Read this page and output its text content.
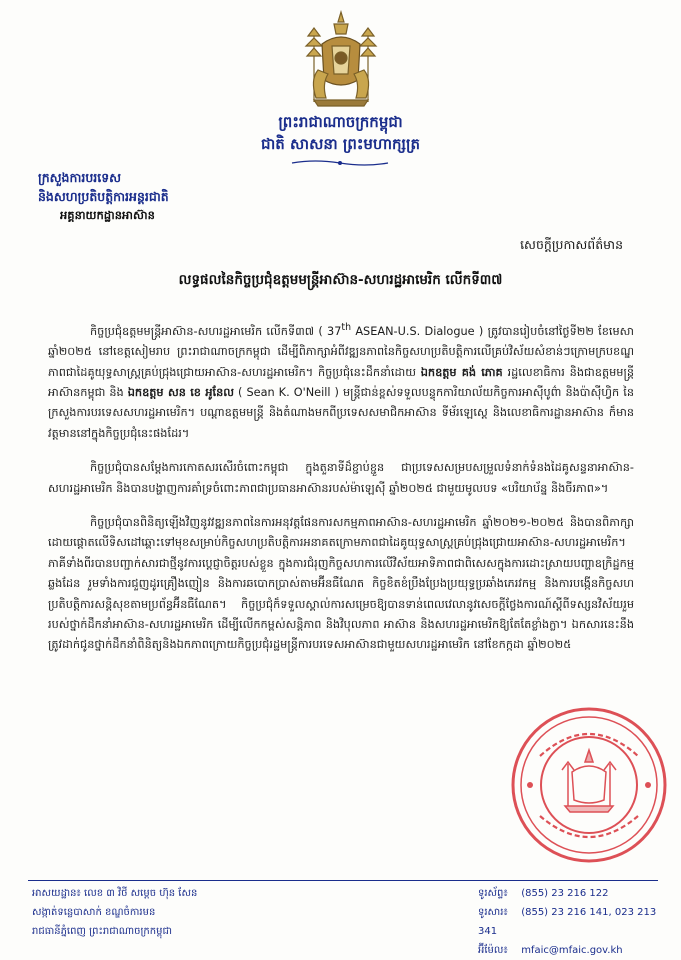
ព្រះរាជាណាចក្រកម្ពុជា
ជាតិ សាសនា ព្រះមហាក្សត្រ
ក្រសួងការបរទេស
និងសហប្រតិបត្តិការអន្តរជាតិ
អគ្គនាយកដ្ឋានអាស៊ាន
សេចក្ដីប្រកាសព័ត៌មាន
លទ្ធផលនៃកិច្ចប្រជុំឧត្តមមន្ត្រីអាស៊ាន-សហរដ្ឋអាមេរិក លើកទី៣៧

កិច្ចប្រជុំឧត្តមមន្ត្រីអាស៊ាន-សហរដ្ឋអាមេរិក លើកទី៣៧ ( 37th ASEAN-U.S. Dialogue ) ត្រូវបានរៀបចំនៅថ្ងៃទី២២ ខែមេសា ឆ្នាំ២០២៥ នៅខេត្តសៀមរាប ព្រះរាជាណាចក្រកម្ពុជា ដើម្បីពិភាក្សាអំពីវឌ្ឍនភាពនៃកិច្ចសហប្រតិបត្តិការលើគ្រប់វិស័យសំខាន់ៗក្រោមក្របខណ្ឌភាពជាដៃគូយុទ្ធសាស្ត្រគ្រប់ជ្រុងជ្រោយអាស៊ាន-សហរដ្ឋអាមេរិក។ កិច្ចប្រជុំនេះដឹកនាំដោយ ឯកឧត្តម គង់ ភោគ រដ្ឋលេខាធិការ និងជាឧត្តមមន្ត្រីអាស៊ានកម្ពុជា និង ឯកឧត្តម សន ខេ អូនែល ( Sean K. O'Neill ) មន្ត្រីជាន់ខ្ពស់ទទួលបន្ទុកការិយាល័យកិច្ចការអាស៊ីបូព៌ា និងប៉ាស៊ីហ្វិក នៃក្រសួងការបរទេសសហរដ្ឋអាមេរិក។ បណ្ដាឧត្តមមន្ត្រី និងតំណាងមកពីប្រទេសសមាជិកអាស៊ាន ទីម័រឡេស្ដេ និងលេខាធិការដ្ឋានអាស៊ាន ក៏មានវត្តមាននៅក្នុងកិច្ចប្រជុំនេះផងដែរ។

កិច្ចប្រជុំបានសម្ដែងការកោតសរសើរចំពោះកម្ពុជា ក្នុងតួនាទីដ៏ខ្ជាប់ខ្ជួន ជាប្រទេសសម្របសម្រួលទំនាក់ទំនងដៃគូសន្ទនាអាស៊ាន-សហរដ្ឋអាមេរិក និងបានបង្ហាញការគាំទ្រចំពោះភាពជាប្រធានអាស៊ានរបស់ម៉ាឡេស៊ី ឆ្នាំ២០២៥ ជាមួយមូលបទ «បរិយាប័ន្ន និងចីរភាព»។

កិច្ចប្រជុំបានពិនិត្យឡើងវិញនូវវឌ្ឍនភាពនៃការអនុវត្តផែនការសកម្មភាពអាស៊ាន-សហរដ្ឋអាមេរិក ឆ្នាំ២០២១-២០២៥ និងបានពិភាក្សាដោយផ្ដោតលើទិសដៅឆ្ពោះទៅមុខសម្រាប់កិច្ចសហប្រតិបត្តិការអនាគតក្រោមភាពជាដៃគូយុទ្ធសាស្ត្រគ្រប់ជ្រុងជ្រោយអាស៊ាន-សហរដ្ឋអាមេរិក។ ភាគីទាំងពីរបានបញ្ជាក់សារជាថ្មីនូវការប្ដេជ្ញាចិត្តរបស់ខ្លួន ក្នុងការជំរុញកិច្ចសហការលើវិស័យអាទិភាពជាពិសេសក្នុងការដោះស្រាយបញ្ហាឧក្រិដ្ឋកម្មឆ្លងដែន រួមទាំងការជួញដូរគ្រឿងញៀន និងការឆបោកប្រាស់តាមអ៊ីនធឺណែត កិច្ចខិតខំប្រឹងប្រែងប្រយុទ្ធប្រឆាំងភេរវកម្ម និងការបង្កើនកិច្ចសហប្រតិបត្តិការសន្តិសុខតាមប្រព័ន្ធអ៊ីនធឺណែត។ កិច្ចប្រជុំក៏ទទួលស្គាល់ការសម្រេចឱ្យបានទាន់ពេលវេលានូវសេចក្ដីថ្លែងការណ៍ស្ដីពីទស្សនវិស័យរួមរបស់ថ្នាក់ដឹកនាំអាស៊ាន-សហរដ្ឋអាមេរិក ដើម្បីលើកកម្ពស់សន្តិភាព និងវិបុលភាព អាស៊ាន និងសហរដ្ឋអាមេរិកឱ្យតែតែខ្លាំងក្លា។ ឯកសារនេះនឹងត្រូវដាក់ជូនថ្នាក់ដឹកនាំពិនិត្យនិងឯកភាពក្រោយកិច្ចប្រជុំរដ្ឋមន្ត្រីការបរទេសអាស៊ានជាមួយសហរដ្ឋអាមេរិក នៅខែកក្កដា ឆ្នាំ២០២៥

អាសយដ្ឋាន៖ លេខ ៣ វិថី សម្ដេច ហ៊ុន សែន
សង្កាត់ទន្លេបាសាក់ ខណ្ឌចំការមន
រាជធានីភ្នំពេញ ព្រះរាជាណាចក្រកម្ពុជា
ទូរស័ព្ទ៖ (855) 23 216 122
ទូរសារ៖ (855) 23 216 141, 023 213 341
អ៊ីម៉ែល៖ mfaic@mfaic.gov.kh
